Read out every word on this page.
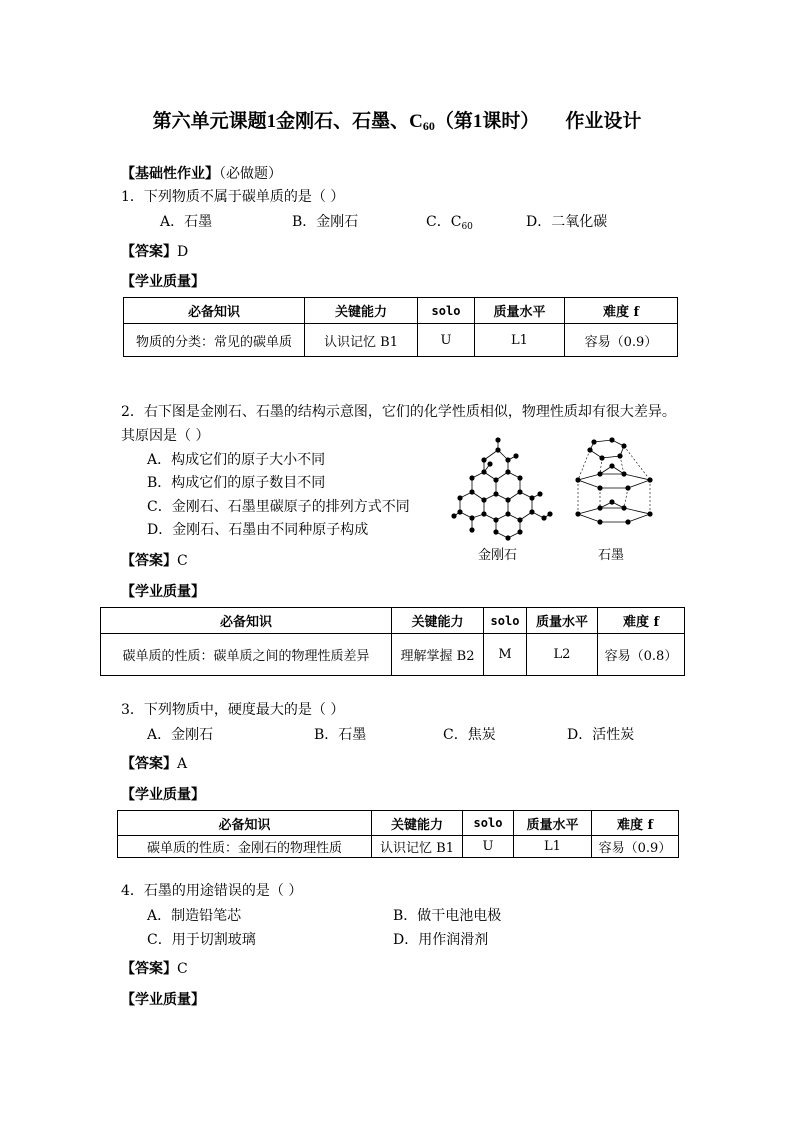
第六单元课题1金刚石、石墨、$C_{60}$（第1课时） 作业设计
【基础性作业】（必做题）
1．下列物质不属于碳单质的是（ ）
A．石墨	B．金刚石	C．$C_{60}$	D．二氧化碳
【答案】D
【学业质量】
必备知识	关键能力	solo	质量水平	难度 f
物质的分类：常见的碳单质	认识记忆 B1	U	L1	容易（0.9）
2．右下图是金刚石、石墨的结构示意图，它们的化学性质相似，物理性质却有很大差异。
其原因是（ ）
A．构成它们的原子大小不同
B．构成它们的原子数目不同
C．金刚石、石墨里碳原子的排列方式不同
D．金刚石、石墨由不同种原子构成
金刚石	石墨
【答案】C
【学业质量】
必备知识	关键能力	solo	质量水平	难度 f
碳单质的性质：碳单质之间的物理性质差异	理解掌握 B2	M	L2	容易（0.8）
3．下列物质中，硬度最大的是（ ）
A．金刚石	B．石墨	C．焦炭	D．活性炭
【答案】A
【学业质量】
必备知识	关键能力	solo	质量水平	难度 f
碳单质的性质：金刚石的物理性质	认识记忆 B1	U	L1	容易（0.9）
4．石墨的用途错误的是（ ）
A．制造铅笔芯	B．做干电池电极
C．用于切割玻璃	D．用作润滑剂
【答案】C
【学业质量】
